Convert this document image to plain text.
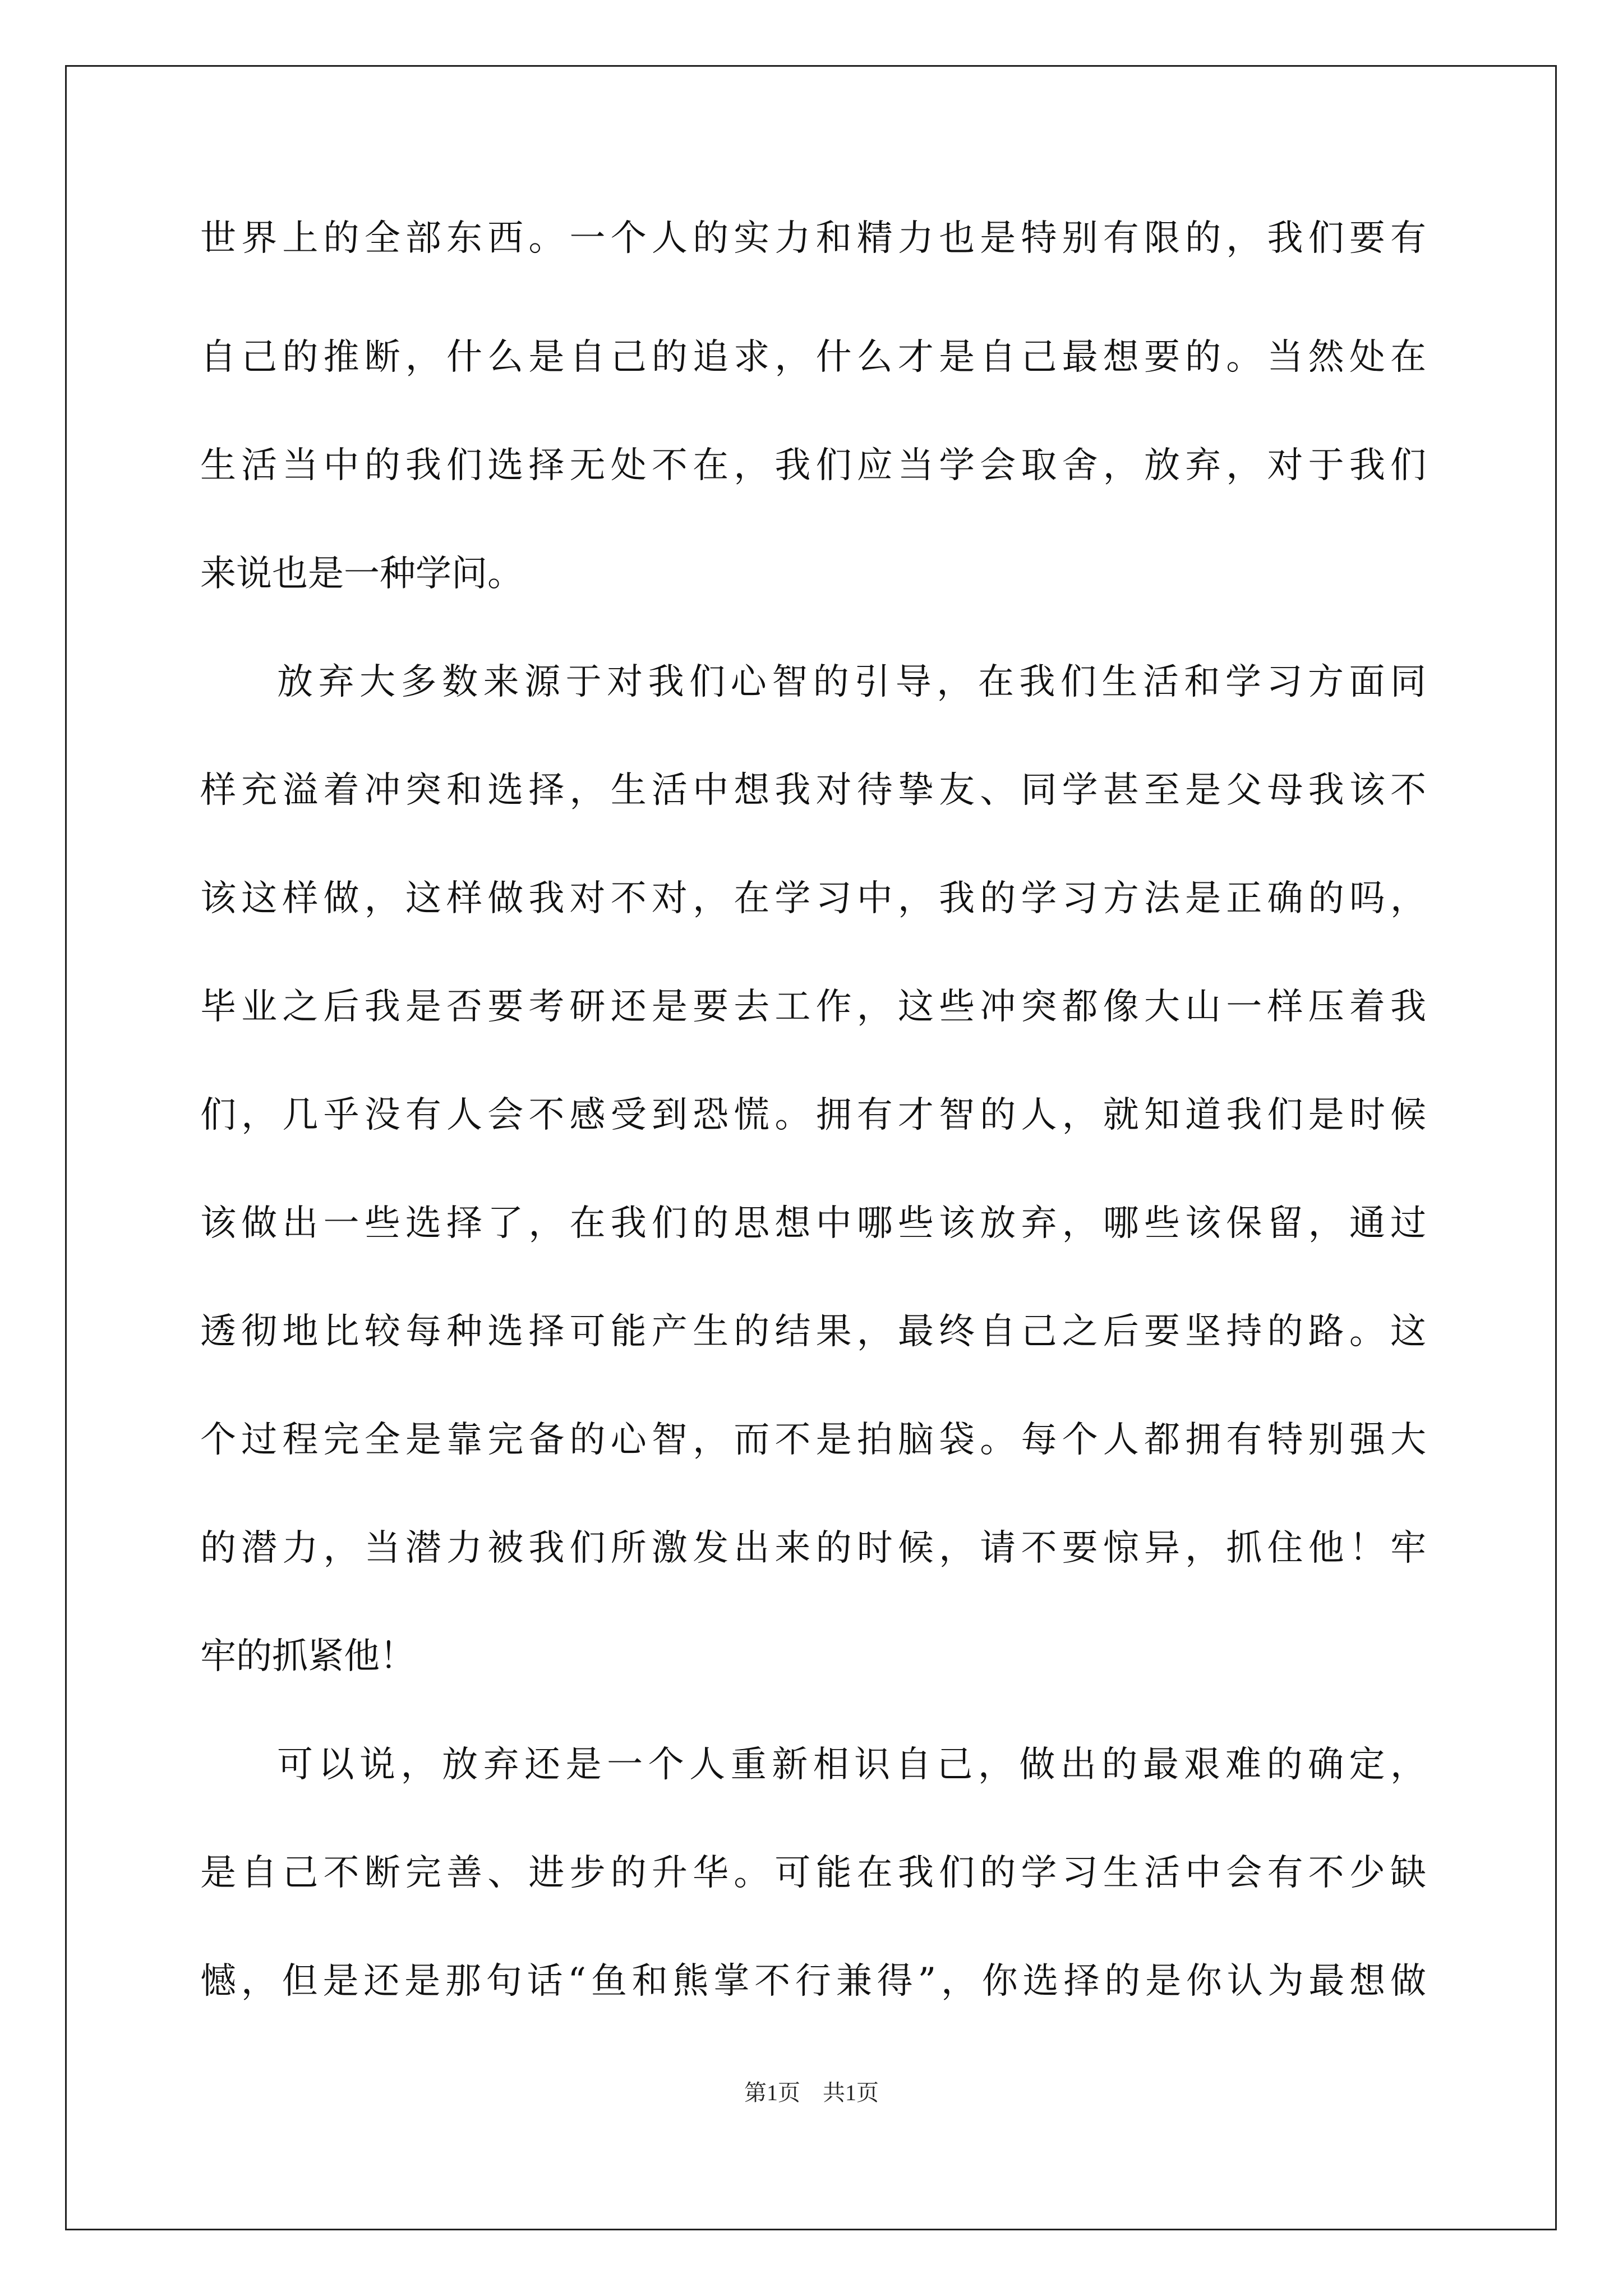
世界上的全部东西。一个人的实力和精力也是特别有限的，我们要有
自己的推断，什么是自己的追求，什么才是自己最想要的。当然处在
生活当中的我们选择无处不在，我们应当学会取舍，放弃，对于我们
来说也是一种学问。
放弃大多数来源于对我们心智的引导，在我们生活和学习方面同
样充溢着冲突和选择，生活中想我对待挚友、同学甚至是父母我该不
该这样做，这样做我对不对，在学习中，我的学习方法是正确的吗，
毕业之后我是否要考研还是要去工作，这些冲突都像大山一样压着我
们，几乎没有人会不感受到恐慌。拥有才智的人，就知道我们是时候
该做出一些选择了，在我们的思想中哪些该放弃，哪些该保留，通过
透彻地比较每种选择可能产生的结果，最终自己之后要坚持的路。这
个过程完全是靠完备的心智，而不是拍脑袋。每个人都拥有特别强大
的潜力，当潜力被我们所激发出来的时候，请不要惊异，抓住他！牢
牢的抓紧他！
可以说，放弃还是一个人重新相识自己，做出的最艰难的确定，
是自己不断完善、进步的升华。可能在我们的学习生活中会有不少缺
憾，但是还是那句话“鱼和熊掌不行兼得”，你选择的是你认为最想做
第1页　共1页
